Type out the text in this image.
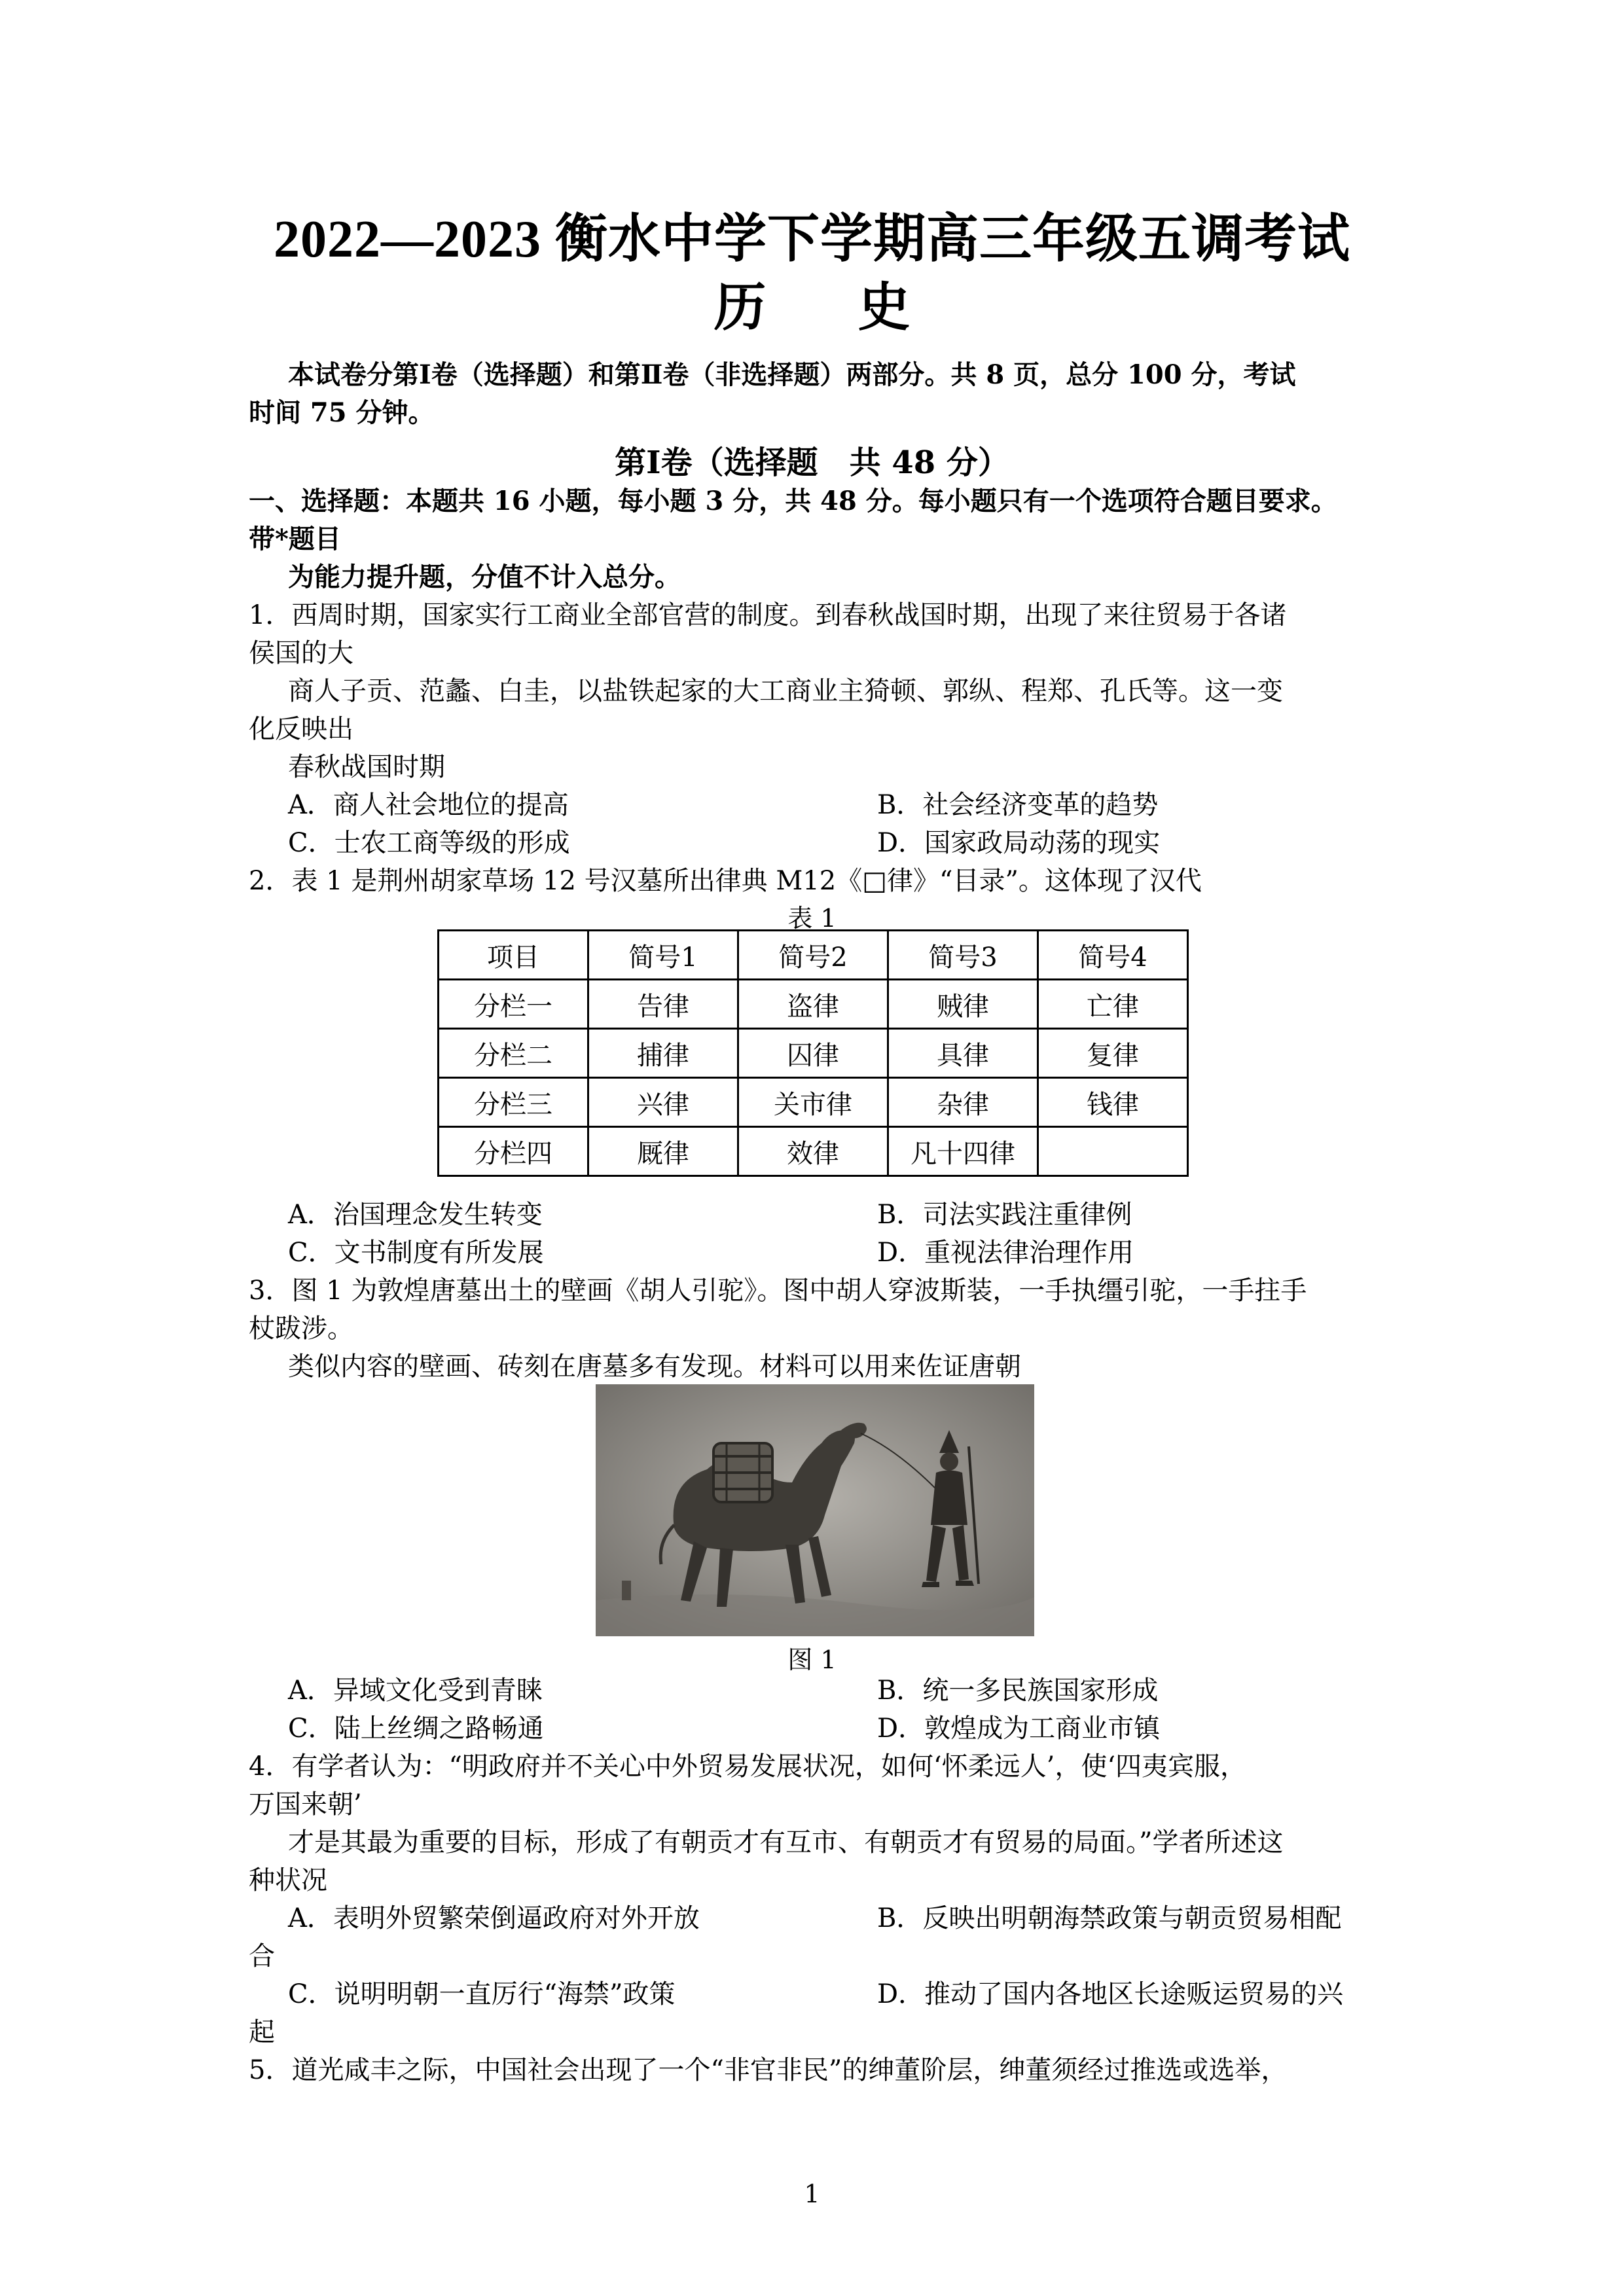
2022—2023 衡水中学下学期高三年级五调考试
历 史
本试卷分第Ⅰ卷（选择题）和第Ⅱ卷（非选择题）两部分。共 8 页，总分 100 分，考试
时间 75 分钟。
第Ⅰ卷（选择题　共 48 分）
一、选择题：本题共 16 小题，每小题 3 分，共 48 分。每小题只有一个选项符合题目要求。
带*题目
为能力提升题，分值不计入总分。
1．西周时期，国家实行工商业全部官营的制度。到春秋战国时期，出现了来往贸易于各诸
侯国的大
商人子贡、范蠡、白圭，以盐铁起家的大工商业主猗顿、郭纵、程郑、孔氏等。这一变
化反映出
春秋战国时期
A．商人社会地位的提高	B．社会经济变革的趋势
C．士农工商等级的形成	D．国家政局动荡的现实
2．表 1 是荆州胡家草场 12 号汉墓所出律典 M12《□律》“目录”。这体现了汉代
表 1
项目	简号1	简号2	简号3	简号4
分栏一	告律	盗律	贼律	亡律
分栏二	捕律	囚律	具律	复律
分栏三	兴律	关市律	杂律	钱律
分栏四	厩律	效律	凡十四律	
A．治国理念发生转变	B．司法实践注重律例
C．文书制度有所发展	D．重视法律治理作用
3．图 1 为敦煌唐墓出土的壁画《胡人引驼》。图中胡人穿波斯装，一手执缰引驼，一手拄手
杖跋涉。
类似内容的壁画、砖刻在唐墓多有发现。材料可以用来佐证唐朝
图 1
A．异域文化受到青睐	B．统一多民族国家形成
C．陆上丝绸之路畅通	D．敦煌成为工商业市镇
4．有学者认为：“明政府并不关心中外贸易发展状况，如何‘怀柔远人’，使‘四夷宾服，
万国来朝’
才是其最为重要的目标，形成了有朝贡才有互市、有朝贡才有贸易的局面。”学者所述这
种状况
A．表明外贸繁荣倒逼政府对外开放	B．反映出明朝海禁政策与朝贡贸易相配
合
C．说明明朝一直厉行“海禁”政策	D．推动了国内各地区长途贩运贸易的兴
起
5．道光咸丰之际，中国社会出现了一个“非官非民”的绅董阶层，绅董须经过推选或选举，
1
